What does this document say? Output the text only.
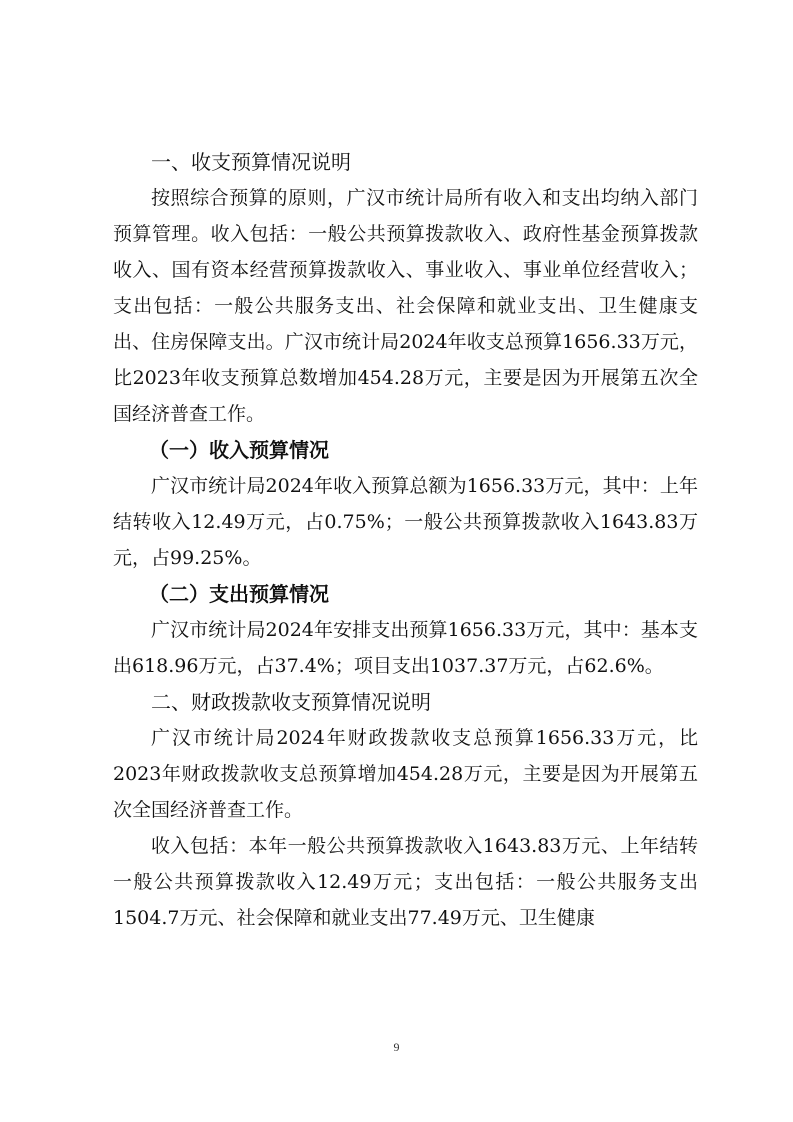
一、收支预算情况说明

按照综合预算的原则，广汉市统计局所有收入和支出均纳入部门预算管理。收入包括：一般公共预算拨款收入、政府性基金预算拨款收入、国有资本经营预算拨款收入、事业收入、事业单位经营收入；支出包括：一般公共服务支出、社会保障和就业支出、卫生健康支出、住房保障支出。广汉市统计局2024年收支总预算1656.33万元，比2023年收支预算总数增加454.28万元，主要是因为开展第五次全国经济普查工作。

（一）收入预算情况

广汉市统计局2024年收入预算总额为1656.33万元，其中：上年结转收入12.49万元，占0.75%；一般公共预算拨款收入1643.83万元，占99.25%。

（二）支出预算情况

广汉市统计局2024年安排支出预算1656.33万元，其中：基本支出618.96万元，占37.4%；项目支出1037.37万元，占62.6%。

二、财政拨款收支预算情况说明

广汉市统计局2024年财政拨款收支总预算1656.33万元，比2023年财政拨款收支总预算增加454.28万元，主要是因为开展第五次全国经济普查工作。

收入包括：本年一般公共预算拨款收入1643.83万元、上年结转一般公共预算拨款收入12.49万元；支出包括：一般公共服务支出1504.7万元、社会保障和就业支出77.49万元、卫生健康

9
